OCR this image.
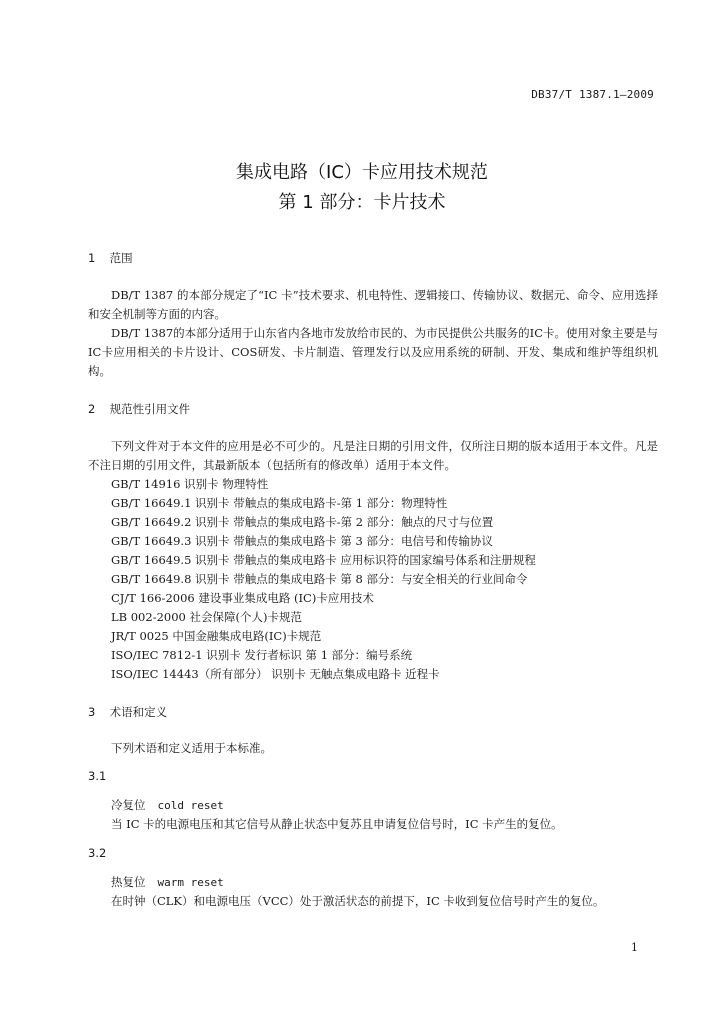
DB37/T 1387.1—2009
集成电路（IC）卡应用技术规范
第 1 部分：卡片技术
1 范围
DB/T 1387 的本部分规定了“IC 卡”技术要求、机电特性、逻辑接口、传输协议、数据元、命令、应用选择和安全机制等方面的内容。
DB/T 1387的本部分适用于山东省内各地市发放给市民的、为市民提供公共服务的IC卡。使用对象主要是与IC卡应用相关的卡片设计、COS研发、卡片制造、管理发行以及应用系统的研制、开发、集成和维护等组织机构。
2 规范性引用文件
下列文件对于本文件的应用是必不可少的。凡是注日期的引用文件，仅所注日期的版本适用于本文件。凡是不注日期的引用文件，其最新版本（包括所有的修改单）适用于本文件。
GB/T 14916 识别卡 物理特性
GB/T 16649.1 识别卡 带触点的集成电路卡-第 1 部分：物理特性
GB/T 16649.2 识别卡 带触点的集成电路卡-第 2 部分：触点的尺寸与位置
GB/T 16649.3 识别卡 带触点的集成电路卡 第 3 部分：电信号和传输协议
GB/T 16649.5 识别卡 带触点的集成电路卡 应用标识符的国家编号体系和注册规程
GB/T 16649.8 识别卡 带触点的集成电路卡 第 8 部分：与安全相关的行业间命令
CJ/T 166-2006 建设事业集成电路 (IC)卡应用技术
LB 002-2000 社会保障(个人)卡规范
JR/T 0025 中国金融集成电路(IC)卡规范
ISO/IEC 7812-1 识别卡 发行者标识 第 1 部分：编号系统
ISO/IEC 14443（所有部分） 识别卡 无触点集成电路卡 近程卡
3 术语和定义
下列术语和定义适用于本标准。
3.1
冷复位 cold reset
当 IC 卡的电源电压和其它信号从静止状态中复苏且申请复位信号时，IC 卡产生的复位。
3.2
热复位 warm reset
在时钟（CLK）和电源电压（VCC）处于激活状态的前提下，IC 卡收到复位信号时产生的复位。
1
